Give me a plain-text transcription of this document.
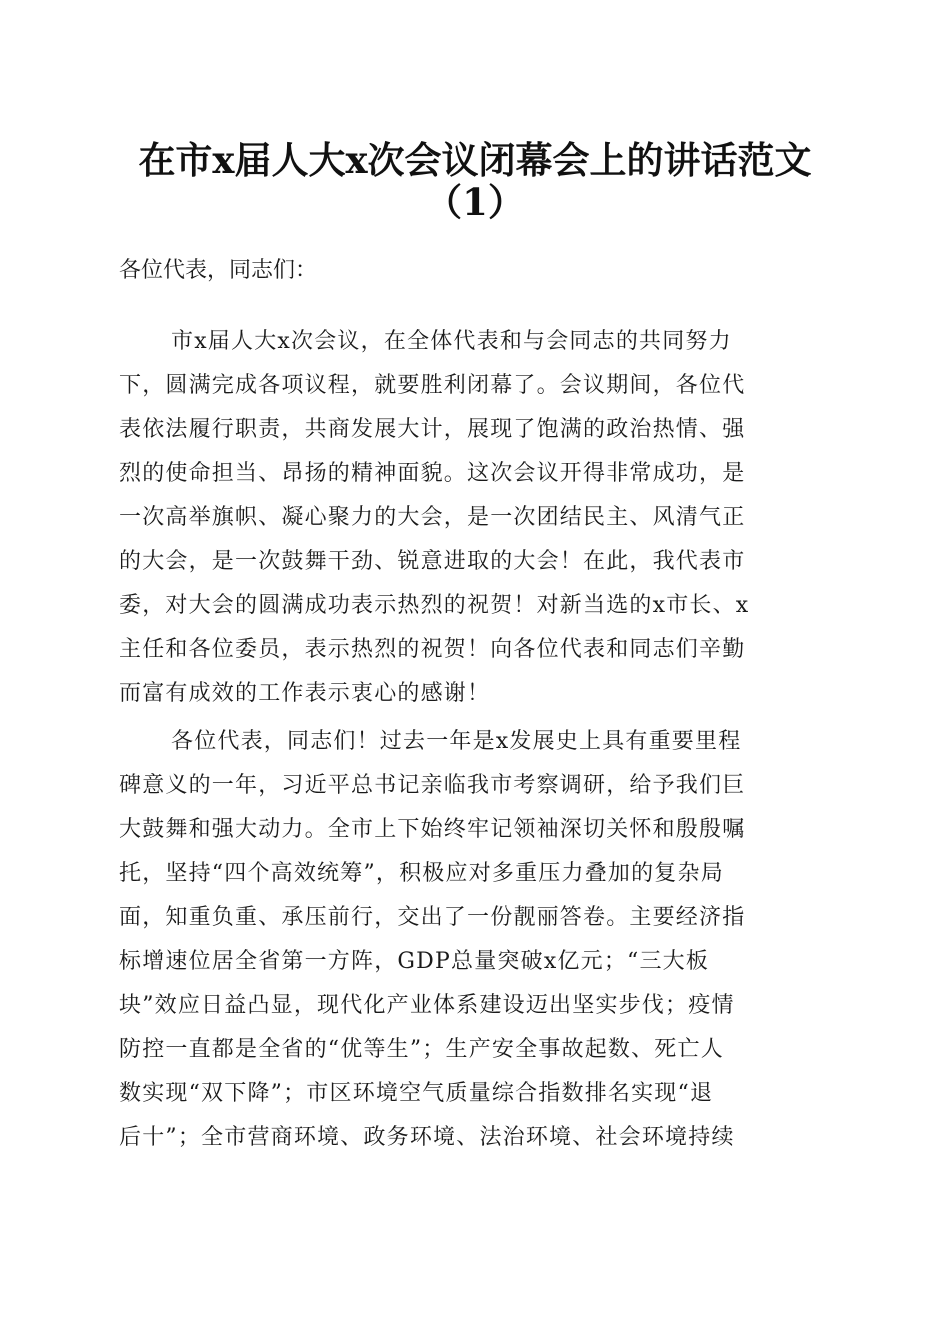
在市x届人大x次会议闭幕会上的讲话范文
（1）
各位代表，同志们：
市x届人大x次会议，在全体代表和与会同志的共同努力
下，圆满完成各项议程，就要胜利闭幕了。会议期间，各位代
表依法履行职责，共商发展大计，展现了饱满的政治热情、强
烈的使命担当、昂扬的精神面貌。这次会议开得非常成功，是
一次高举旗帜、凝心聚力的大会，是一次团结民主、风清气正
的大会，是一次鼓舞干劲、锐意进取的大会！在此，我代表市
委，对大会的圆满成功表示热烈的祝贺！对新当选的x市长、x
主任和各位委员，表示热烈的祝贺！向各位代表和同志们辛勤
而富有成效的工作表示衷心的感谢！
各位代表，同志们！过去一年是x发展史上具有重要里程
碑意义的一年，习近平总书记亲临我市考察调研，给予我们巨
大鼓舞和强大动力。全市上下始终牢记领袖深切关怀和殷殷嘱
托，坚持“四个高效统筹”，积极应对多重压力叠加的复杂局
面，知重负重、承压前行，交出了一份靓丽答卷。主要经济指
标增速位居全省第一方阵，GDP总量突破x亿元；“三大板
块”效应日益凸显，现代化产业体系建设迈出坚实步伐；疫情
防控一直都是全省的“优等生”；生产安全事故起数、死亡人
数实现“双下降”；市区环境空气质量综合指数排名实现“退
后十”；全市营商环境、政务环境、法治环境、社会环境持续
